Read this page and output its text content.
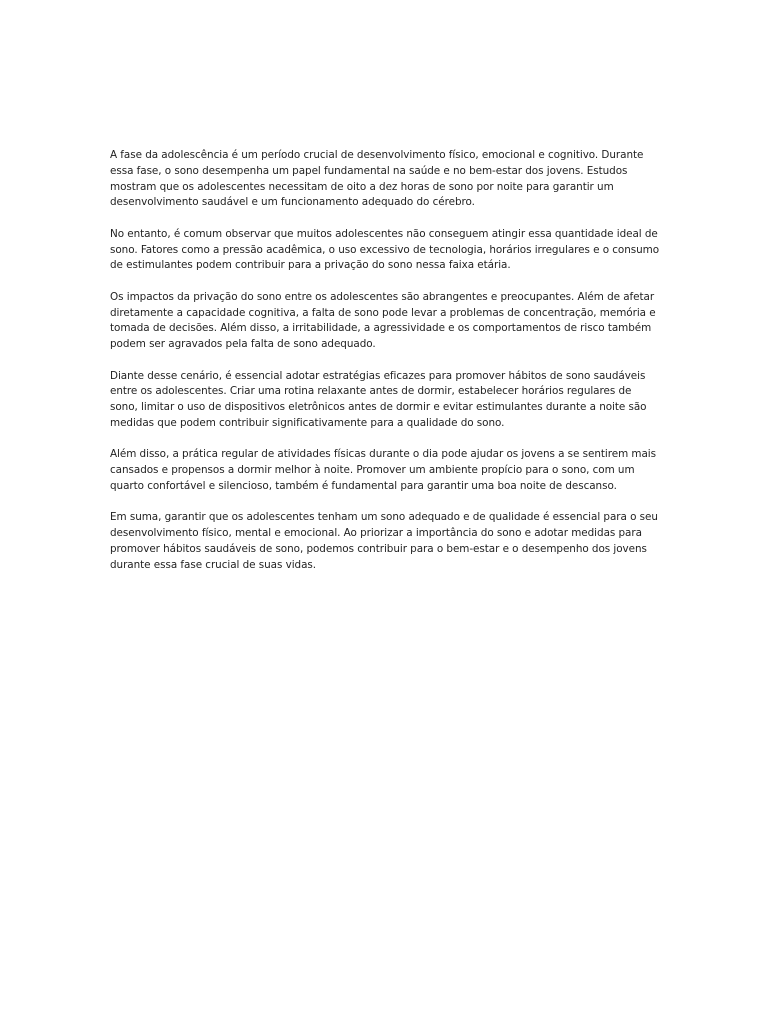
A fase da adolescência é um período crucial de desenvolvimento físico, emocional e cognitivo. Durante essa fase, o sono desempenha um papel fundamental na saúde e no bem-estar dos jovens. Estudos mostram que os adolescentes necessitam de oito a dez horas de sono por noite para garantir um desenvolvimento saudável e um funcionamento adequado do cérebro.

No entanto, é comum observar que muitos adolescentes não conseguem atingir essa quantidade ideal de sono. Fatores como a pressão acadêmica, o uso excessivo de tecnologia, horários irregulares e o consumo de estimulantes podem contribuir para a privação do sono nessa faixa etária.

Os impactos da privação do sono entre os adolescentes são abrangentes e preocupantes. Além de afetar diretamente a capacidade cognitiva, a falta de sono pode levar a problemas de concentração, memória e tomada de decisões. Além disso, a irritabilidade, a agressividade e os comportamentos de risco também podem ser agravados pela falta de sono adequado.

Diante desse cenário, é essencial adotar estratégias eficazes para promover hábitos de sono saudáveis entre os adolescentes. Criar uma rotina relaxante antes de dormir, estabelecer horários regulares de sono, limitar o uso de dispositivos eletrônicos antes de dormir e evitar estimulantes durante a noite são medidas que podem contribuir significativamente para a qualidade do sono.

Além disso, a prática regular de atividades físicas durante o dia pode ajudar os jovens a se sentirem mais cansados e propensos a dormir melhor à noite. Promover um ambiente propício para o sono, com um quarto confortável e silencioso, também é fundamental para garantir uma boa noite de descanso.

Em suma, garantir que os adolescentes tenham um sono adequado e de qualidade é essencial para o seu desenvolvimento físico, mental e emocional. Ao priorizar a importância do sono e adotar medidas para promover hábitos saudáveis de sono, podemos contribuir para o bem-estar e o desempenho dos jovens durante essa fase crucial de suas vidas.
